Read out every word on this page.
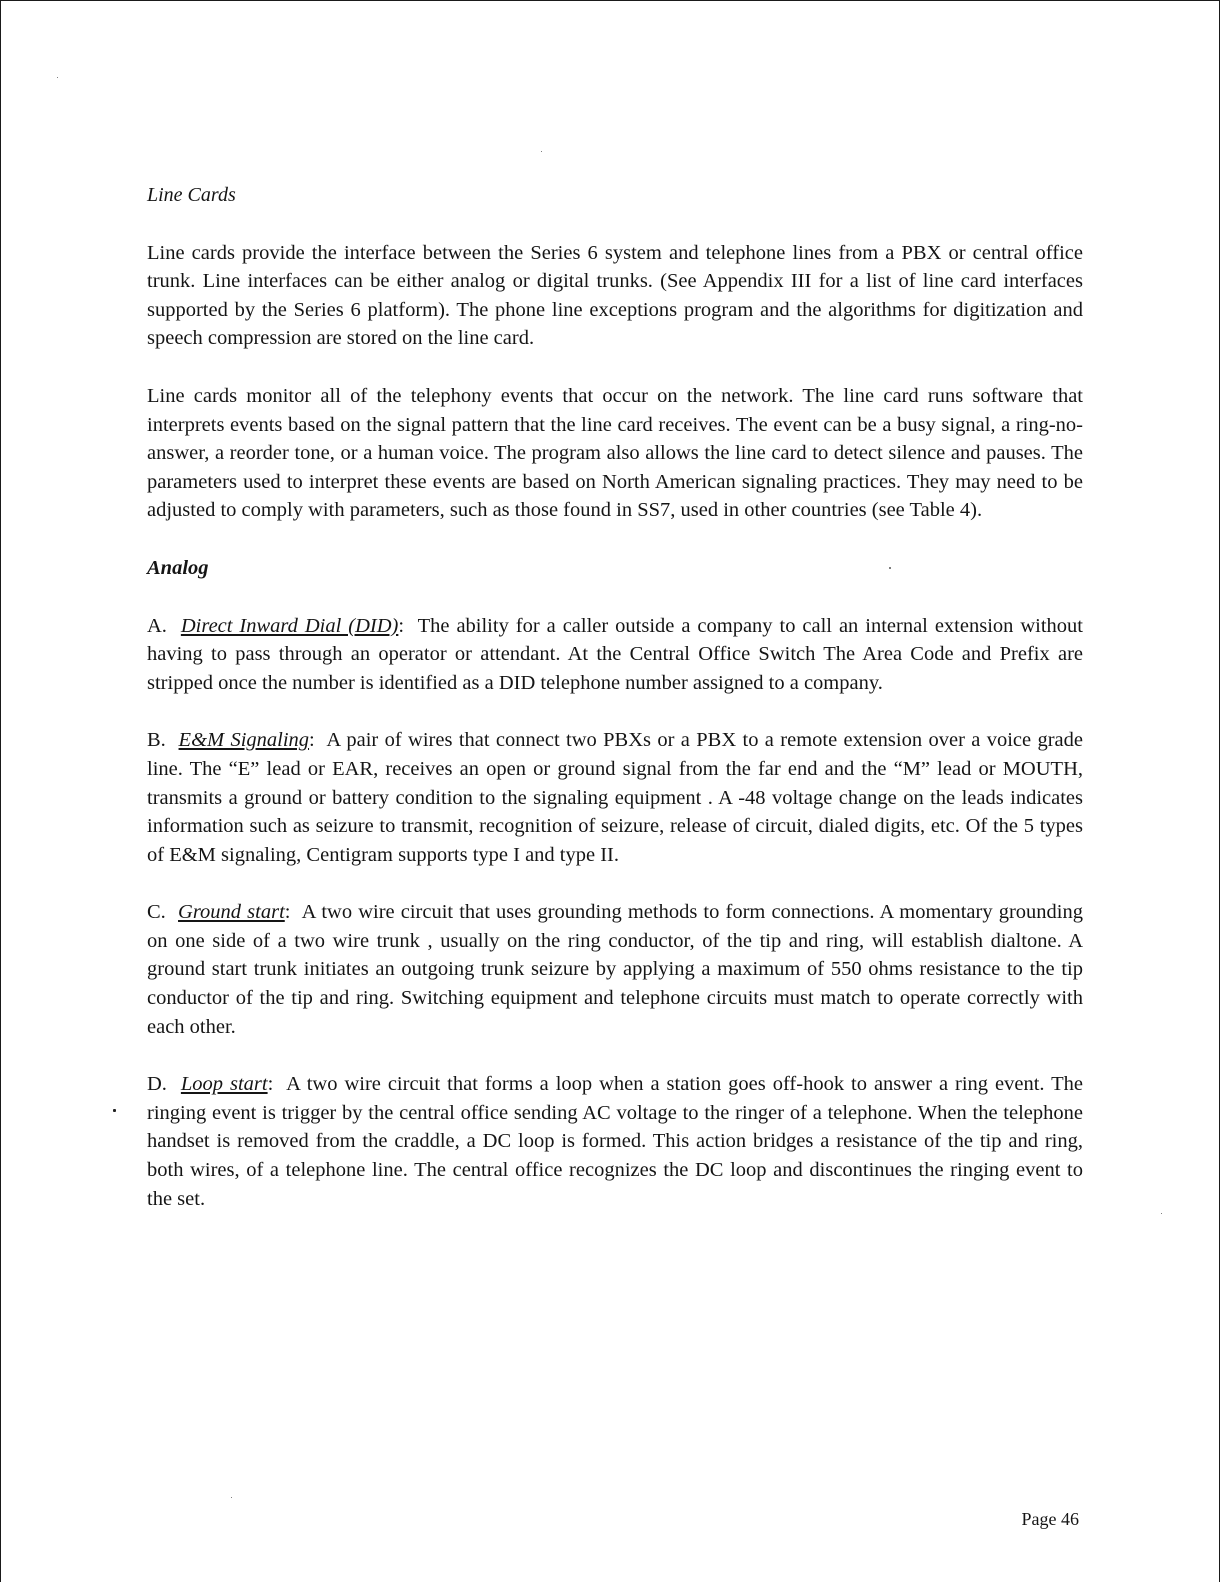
Line Cards

Line cards provide the interface between the Series 6 system and telephone lines from a PBX or central office trunk. Line interfaces can be either analog or digital trunks. (See Appendix III for a list of line card interfaces supported by the Series 6 platform). The phone line exceptions program and the algorithms for digitization and speech compression are stored on the line card.

Line cards monitor all of the telephony events that occur on the network. The line card runs software that interprets events based on the signal pattern that the line card receives. The event can be a busy signal, a ring-no-answer, a reorder tone, or a human voice. The program also allows the line card to detect silence and pauses. The parameters used to interpret these events are based on North American signaling practices. They may need to be adjusted to comply with parameters, such as those found in SS7, used in other countries (see Table 4).

Analog

A. Direct Inward Dial (DID): The ability for a caller outside a company to call an internal extension without having to pass through an operator or attendant. At the Central Office Switch The Area Code and Prefix are stripped once the number is identified as a DID telephone number assigned to a company.

B. E&M Signaling: A pair of wires that connect two PBXs or a PBX to a remote extension over a voice grade line. The “E” lead or EAR, receives an open or ground signal from the far end and the “M” lead or MOUTH, transmits a ground or battery condition to the signaling equipment . A -48 voltage change on the leads indicates information such as seizure to transmit, recognition of seizure, release of circuit, dialed digits, etc. Of the 5 types of E&M signaling, Centigram supports type I and type II.

C. Ground start: A two wire circuit that uses grounding methods to form connections. A momentary grounding on one side of a two wire trunk , usually on the ring conductor, of the tip and ring, will establish dialtone. A ground start trunk initiates an outgoing trunk seizure by applying a maximum of 550 ohms resistance to the tip conductor of the tip and ring. Switching equipment and telephone circuits must match to operate correctly with each other.

D. Loop start: A two wire circuit that forms a loop when a station goes off-hook to answer a ring event. The ringing event is trigger by the central office sending AC voltage to the ringer of a telephone. When the telephone handset is removed from the craddle, a DC loop is formed. This action bridges a resistance of the tip and ring, both wires, of a telephone line. The central office recognizes the DC loop and discontinues the ringing event to the set.

Page 46
